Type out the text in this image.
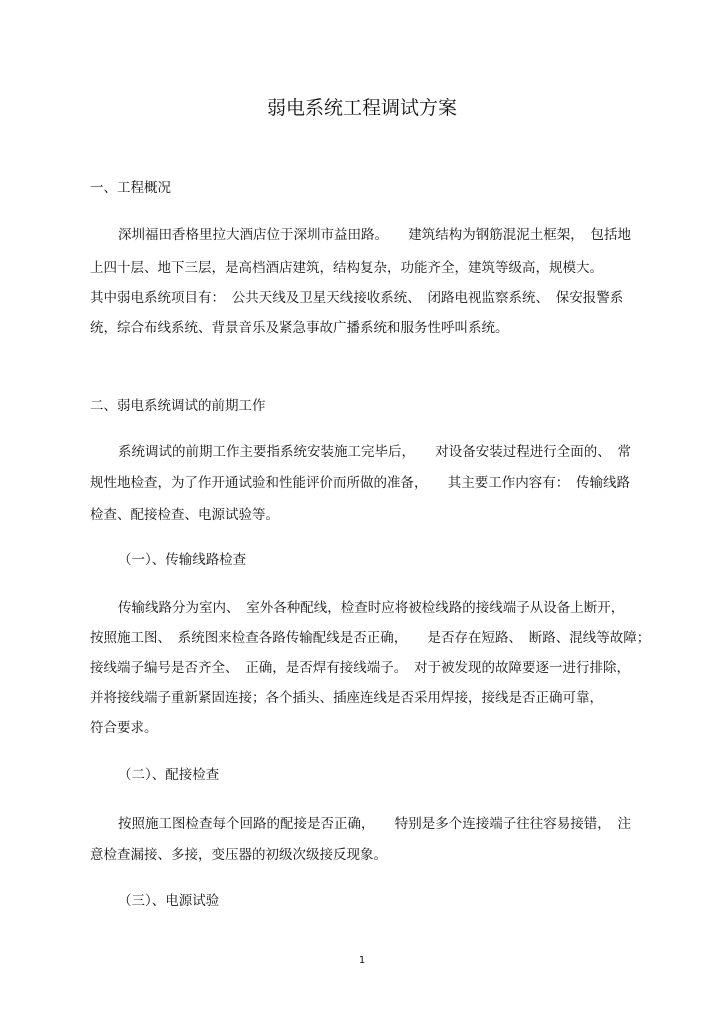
弱电系统工程调试方案
一、工程概况
深圳福田香格里拉大酒店位于深圳市益田路。　　建筑结构为钢筋混泥土框架，　包括地
上四十层、地下三层，是高档酒店建筑，结构复杂，功能齐全，建筑等级高，规模大。
其中弱电系统项目有：　公共天线及卫星天线接收系统、　闭路电视监察系统、　保安报警系
统，综合布线系统、背景音乐及紧急事故广播系统和服务性呼叫系统。
二、弱电系统调试的前期工作
系统调试的前期工作主要指系统安装施工完毕后，　　对设备安装过程进行全面的、　常
规性地检查，为了作开通试验和性能评价而所做的准备，　　其主要工作内容有：　传输线路
检查、配接检查、电源试验等。
（一）、传输线路检查
传输线路分为室内、　室外各种配线，检查时应将被检线路的接线端子从设备上断开，
按照施工图、　系统图来检查各路传输配线是否正确，　　是否存在短路、　断路、混线等故障；
接线端子编号是否齐全、　正确，是否焊有接线端子。　对于被发现的故障要逐一进行排除，
并将接线端子重新紧固连接；各个插头、插座连线是否采用焊接，接线是否正确可靠，
符合要求。
（二）、配接检查
按照施工图检查每个回路的配接是否正确，　　特别是多个连接端子往往容易接错，　注
意检查漏接、多接，变压器的初级次级接反现象。
（三）、电源试验
1
